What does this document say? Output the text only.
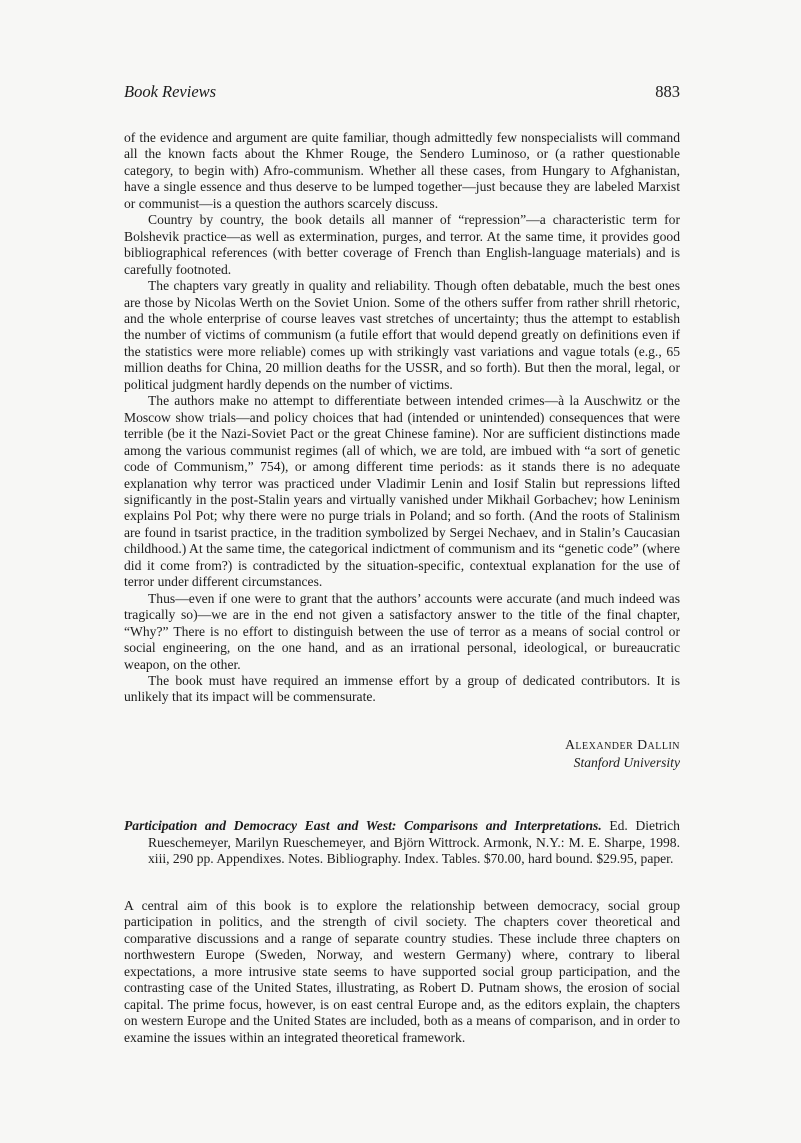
Book Reviews	883

of the evidence and argument are quite familiar, though admittedly few nonspecialists will command all the known facts about the Khmer Rouge, the Sendero Luminoso, or (a rather questionable category, to begin with) Afro-communism. Whether all these cases, from Hungary to Afghanistan, have a single essence and thus deserve to be lumped together—just because they are labeled Marxist or communist—is a question the authors scarcely discuss.

Country by country, the book details all manner of “repression”—a characteristic term for Bolshevik practice—as well as extermination, purges, and terror. At the same time, it provides good bibliographical references (with better coverage of French than English-language materials) and is carefully footnoted.

The chapters vary greatly in quality and reliability. Though often debatable, much the best ones are those by Nicolas Werth on the Soviet Union. Some of the others suffer from rather shrill rhetoric, and the whole enterprise of course leaves vast stretches of uncertainty; thus the attempt to establish the number of victims of communism (a futile effort that would depend greatly on definitions even if the statistics were more reliable) comes up with strikingly vast variations and vague totals (e.g., 65 million deaths for China, 20 million deaths for the USSR, and so forth). But then the moral, legal, or political judgment hardly depends on the number of victims.

The authors make no attempt to differentiate between intended crimes—à la Auschwitz or the Moscow show trials—and policy choices that had (intended or unintended) consequences that were terrible (be it the Nazi-Soviet Pact or the great Chinese famine). Nor are sufficient distinctions made among the various communist regimes (all of which, we are told, are imbued with “a sort of genetic code of Communism,” 754), or among different time periods: as it stands there is no adequate explanation why terror was practiced under Vladimir Lenin and Iosif Stalin but repressions lifted significantly in the post-Stalin years and virtually vanished under Mikhail Gorbachev; how Leninism explains Pol Pot; why there were no purge trials in Poland; and so forth. (And the roots of Stalinism are found in tsarist practice, in the tradition symbolized by Sergei Nechaev, and in Stalin’s Caucasian childhood.) At the same time, the categorical indictment of communism and its “genetic code” (where did it come from?) is contradicted by the situation-specific, contextual explanation for the use of terror under different circumstances.

Thus—even if one were to grant that the authors’ accounts were accurate (and much indeed was tragically so)—we are in the end not given a satisfactory answer to the title of the final chapter, “Why?” There is no effort to distinguish between the use of terror as a means of social control or social engineering, on the one hand, and as an irrational personal, ideological, or bureaucratic weapon, on the other.

The book must have required an immense effort by a group of dedicated contributors. It is unlikely that its impact will be commensurate.

Alexander Dallin
Stanford University
Participation and Democracy East and West: Comparisons and Interpretations. Ed. Dietrich Rueschemeyer, Marilyn Rueschemeyer, and Björn Wittrock. Armonk, N.Y.: M. E. Sharpe, 1998. xiii, 290 pp. Appendixes. Notes. Bibliography. Index. Tables. $70.00, hard bound. $29.95, paper.

A central aim of this book is to explore the relationship between democracy, social group participation in politics, and the strength of civil society. The chapters cover theoretical and comparative discussions and a range of separate country studies. These include three chapters on northwestern Europe (Sweden, Norway, and western Germany) where, contrary to liberal expectations, a more intrusive state seems to have supported social group participation, and the contrasting case of the United States, illustrating, as Robert D. Putnam shows, the erosion of social capital. The prime focus, however, is on east central Europe and, as the editors explain, the chapters on western Europe and the United States are included, both as a means of comparison, and in order to examine the issues within an integrated theoretical framework.
